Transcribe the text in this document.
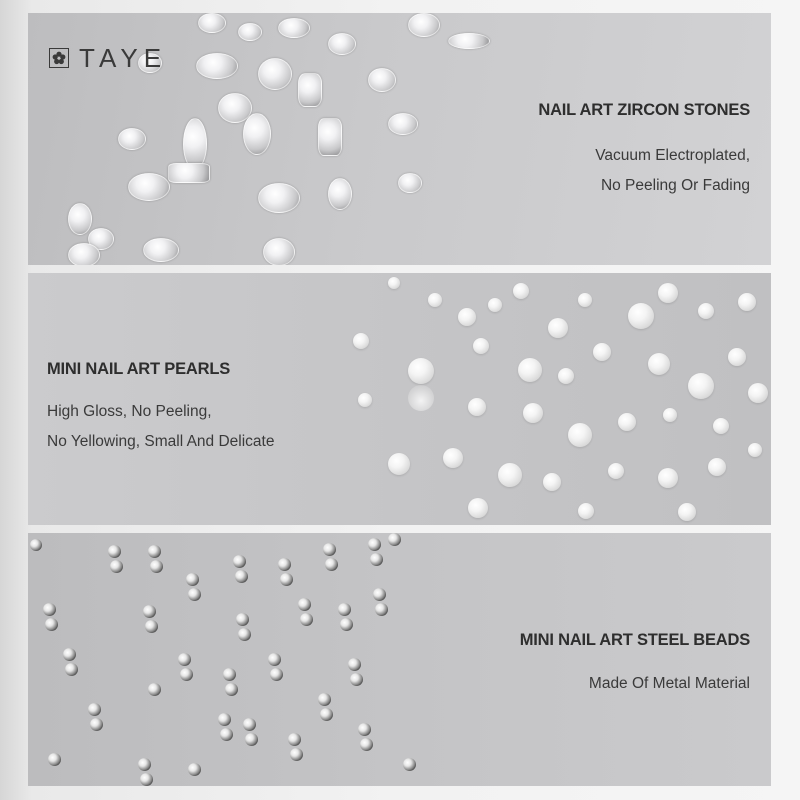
TAYE
NAIL ART ZIRCON STONES
Vacuum Electroplated,
No Peeling Or Fading
MINI NAIL ART PEARLS
High Gloss, No Peeling,
No Yellowing, Small And Delicate
MINI NAIL ART STEEL BEADS
Made Of Metal Material
